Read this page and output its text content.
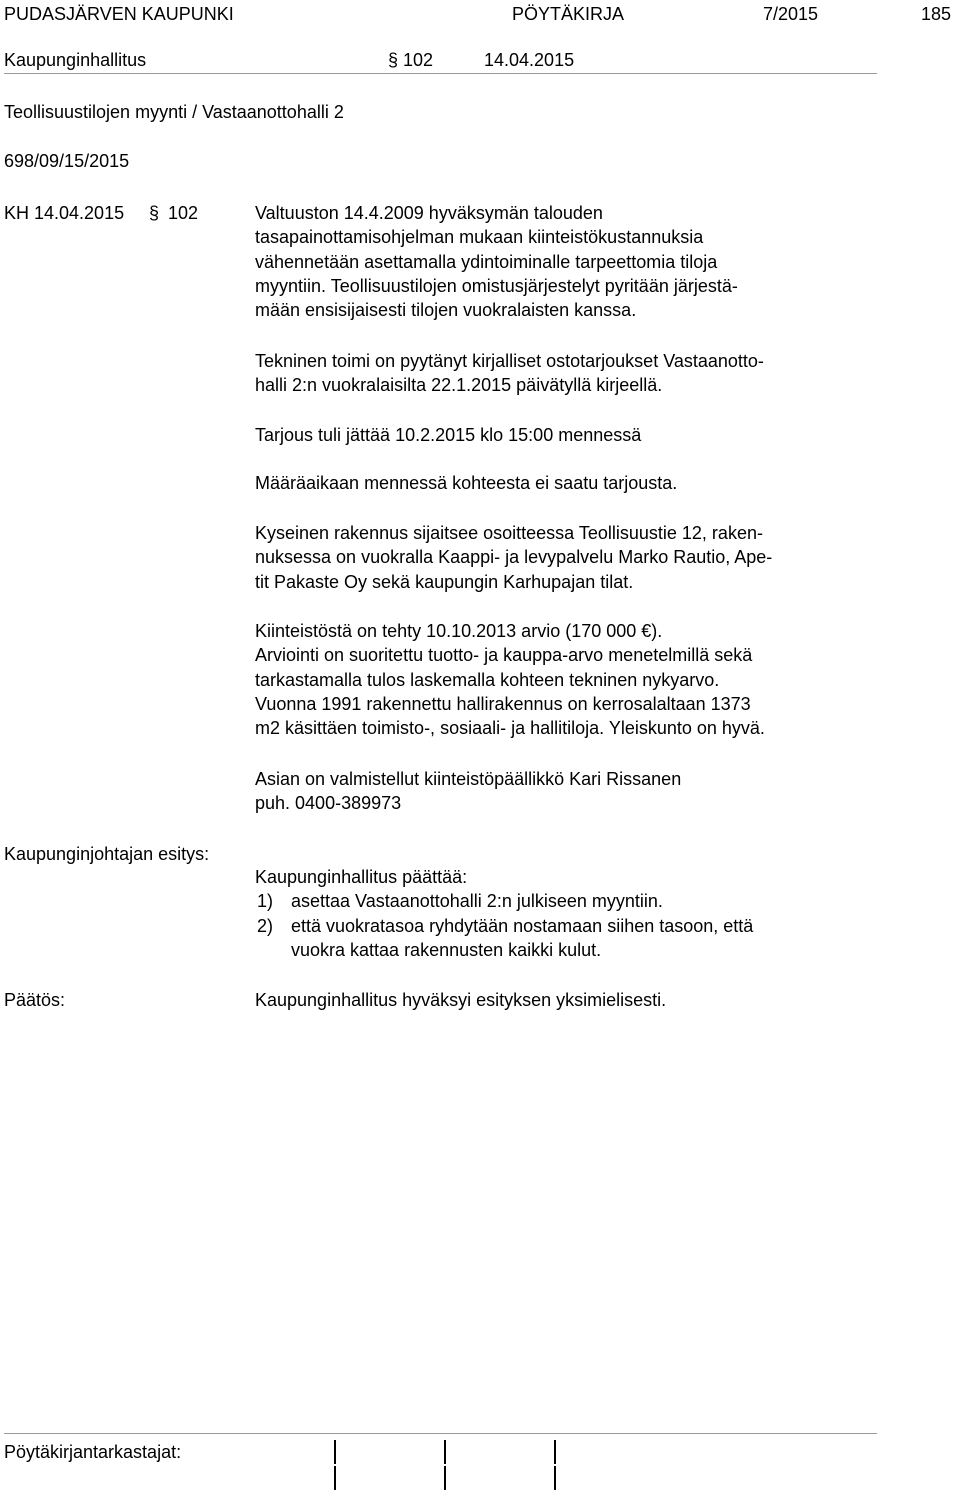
PUDASJÄRVEN KAUPUNKI	PÖYTÄKIRJA	7/2015	185
Kaupunginhallitus	§ 102	14.04.2015
Teollisuustilojen myynti / Vastaanottohalli 2
698/09/15/2015
KH 14.04.2015 § 102	Valtuuston 14.4.2009 hyväksymän talouden
tasapainottamisohjelman mukaan kiinteistökustannuksia
vähennetään asettamalla ydintoiminalle tarpeettomia tiloja
myyntiin. Teollisuustilojen omistusjärjestelyt pyritään järjestä-
mään ensisijaisesti tilojen vuokralaisten kanssa.
Tekninen toimi on pyytänyt kirjalliset ostotarjoukset Vastaanotto-
halli 2:n vuokralaisilta 22.1.2015 päivätyllä kirjeellä.
Tarjous tuli jättää 10.2.2015 klo 15:00 mennessä
Määräaikaan mennessä kohteesta ei saatu tarjousta.
Kyseinen rakennus sijaitsee osoitteessa Teollisuustie 12, raken-
nuksessa on vuokralla Kaappi- ja levypalvelu Marko Rautio, Ape-
tit Pakaste Oy sekä kaupungin Karhupajan tilat.
Kiinteistöstä on tehty 10.10.2013 arvio (170 000 €).
Arviointi on suoritettu tuotto- ja kauppa-arvo menetelmillä sekä
tarkastamalla tulos laskemalla kohteen tekninen nykyarvo.
Vuonna 1991 rakennettu hallirakennus on kerrosalaltaan 1373
m2 käsittäen toimisto-, sosiaali- ja hallitiloja. Yleiskunto on hyvä.
Asian on valmistellut kiinteistöpäällikkö Kari Rissanen
puh. 0400-389973
Kaupunginjohtajan esitys:
Kaupunginhallitus päättää:
1) asettaa Vastaanottohalli 2:n julkiseen myyntiin.
2) että vuokratasoa ryhdytään nostamaan siihen tasoon, että
vuokra kattaa rakennusten kaikki kulut.
Päätös:	Kaupunginhallitus hyväksyi esityksen yksimielisesti.
Pöytäkirjantarkastajat:
